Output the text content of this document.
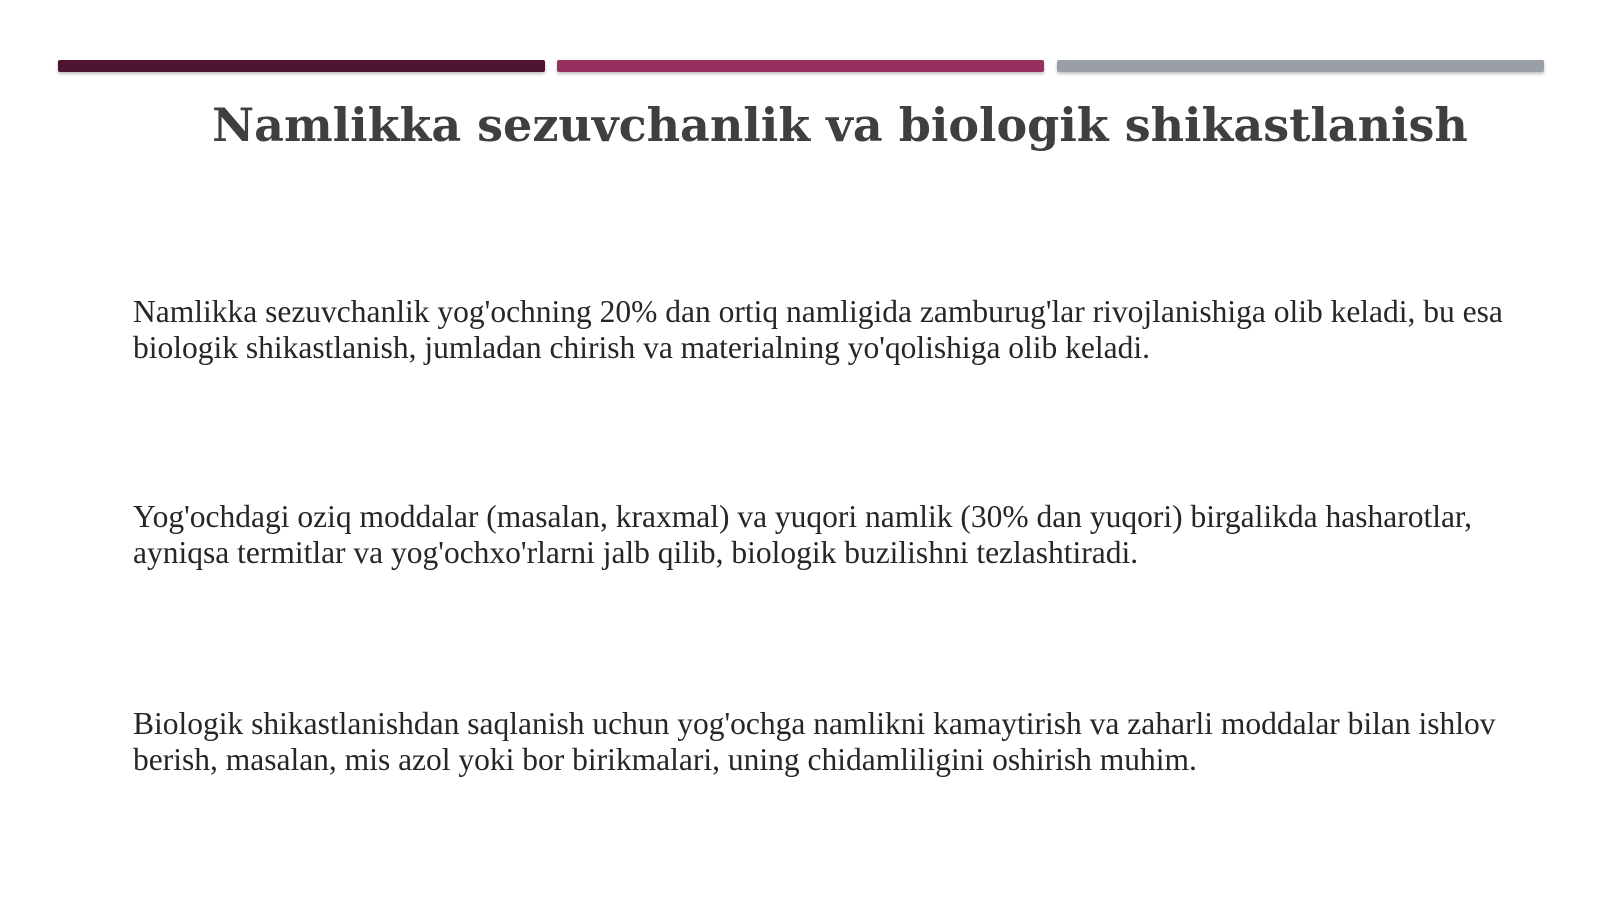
Namlikka sezuvchanlik va biologik shikastlanish
Namlikka sezuvchanlik yog'ochning 20% dan ortiq namligida zamburug'lar rivojlanishiga olib keladi, bu esa biologik shikastlanish, jumladan chirish va materialning yo'qolishiga olib keladi.
Yog'ochdagi oziq moddalar (masalan, kraxmal) va yuqori namlik (30% dan yuqori) birgalikda hasharotlar, ayniqsa termitlar va yog'ochxo'rlarni jalb qilib, biologik buzilishni tezlashtiradi.
Biologik shikastlanishdan saqlanish uchun yog'ochga namlikni kamaytirish va zaharli moddalar bilan ishlov berish, masalan, mis azol yoki bor birikmalari, uning chidamliligini oshirish muhim.
